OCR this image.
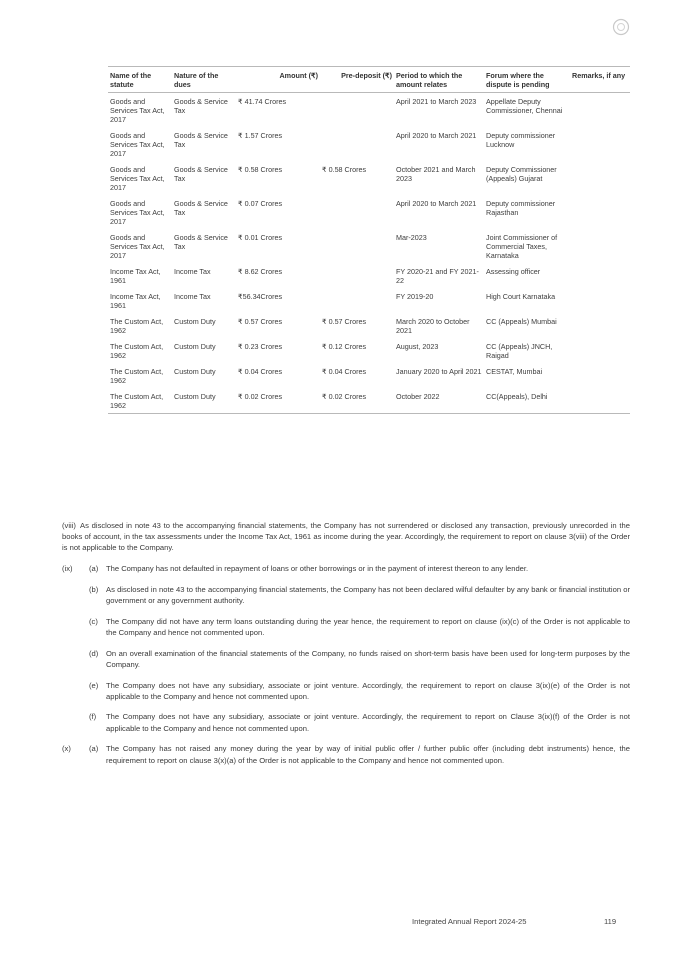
Name of the statute	Nature of the dues	Amount (₹)	Pre-deposit (₹)	Period to which the amount relates	Forum where the dispute is pending	Remarks, if any
Goods and Services Tax Act, 2017	Goods & Service Tax	₹ 41.74 Crores		April 2021 to March 2023	Appellate Deputy Commissioner, Chennai	
Goods and Services Tax Act, 2017	Goods & Service Tax	₹ 1.57 Crores		April 2020 to March 2021	Deputy commissioner Lucknow	
Goods and Services Tax Act, 2017	Goods & Service Tax	₹ 0.58 Crores	₹ 0.58 Crores	October 2021 and March 2023	Deputy Commissioner (Appeals) Gujarat	
Goods and Services Tax Act, 2017	Goods & Service Tax	₹ 0.07 Crores		April 2020 to March 2021	Deputy commissioner Rajasthan	
Goods and Services Tax Act, 2017	Goods & Service Tax	₹ 0.01 Crores		Mar-2023	Joint Commissioner of Commercial Taxes, Karnataka	
Income Tax Act, 1961	Income Tax	₹ 8.62 Crores		FY 2020-21 and FY 2021-22	Assessing officer	
Income Tax Act, 1961	Income Tax	₹56.34Crores		FY 2019-20	High Court Karnataka	
The Custom Act, 1962	Custom Duty	₹ 0.57 Crores	₹ 0.57 Crores	March 2020 to October 2021	CC (Appeals) Mumbai	
The Custom Act, 1962	Custom Duty	₹ 0.23 Crores	₹ 0.12 Crores	August, 2023	CC (Appeals) JNCH, Raigad	
The Custom Act, 1962	Custom Duty	₹ 0.04 Crores	₹ 0.04 Crores	January 2020 to April 2021	CESTAT, Mumbai	
The Custom Act, 1962	Custom Duty	₹ 0.02 Crores	₹ 0.02 Crores	October 2022	CC(Appeals), Delhi	
(viii) As disclosed in note 43 to the accompanying financial statements, the Company has not surrendered or disclosed any transaction, previously unrecorded in the books of account, in the tax assessments under the Income Tax Act, 1961 as income during the year. Accordingly, the requirement to report on clause 3(viii) of the Order is not applicable to the Company.
(ix) (a) The Company has not defaulted in repayment of loans or other borrowings or in the payment of interest thereon to any lender.
(b) As disclosed in note 43 to the accompanying financial statements, the Company has not been declared wilful defaulter by any bank or financial institution or government or any government authority.
(c) The Company did not have any term loans outstanding during the year hence, the requirement to report on clause (ix)(c) of the Order is not applicable to the Company and hence not commented upon.
(d) On an overall examination of the financial statements of the Company, no funds raised on short-term basis have been used for long-term purposes by the Company.
(e) The Company does not have any subsidiary, associate or joint venture. Accordingly, the requirement to report on clause 3(ix)(e) of the Order is not applicable to the Company and hence not commented upon.
(f) The Company does not have any subsidiary, associate or joint venture. Accordingly, the requirement to report on Clause 3(ix)(f) of the Order is not applicable to the Company and hence not commented upon.
(x) (a) The Company has not raised any money during the year by way of initial public offer / further public offer (including debt instruments) hence, the requirement to report on clause 3(x)(a) of the Order is not applicable to the Company and hence not commented upon.
Integrated Annual Report 2024-25	119
